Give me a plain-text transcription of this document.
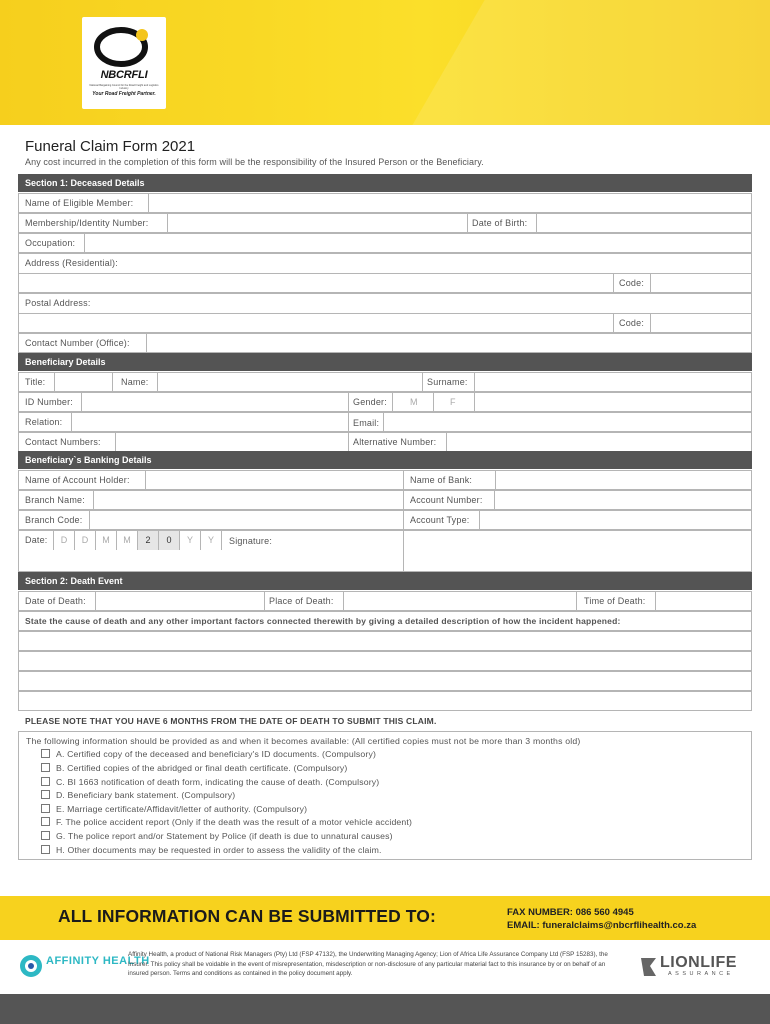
NBCRFLI
National Bargaining Council for the Road Freight and Logistics Industry
Your Road Freight Partner.
Funeral Claim Form 2021
Any cost incurred in the completion of this form will be the responsibility of the Insured Person or the Beneficiary.
Section 1: Deceased Details
Name of Eligible Member:
Membership/Identity Number:	Date of Birth:
Occupation:
Address (Residential):
Code:
Postal Address:
Code:
Contact Number (Office):
Beneficiary Details
Title:	Name:	Surname:
ID Number:	Gender:	M	F
Relation:	Email:
Contact Numbers:	Alternative Number:
Beneficiary`s Banking Details
Name of Account Holder:	Name of Bank:
Branch Name:	Account Number:
Branch Code:	Account Type:
Date:	D	D	M	M	2	0	Y	Y	Signature:
Section 2: Death Event
Date of Death:	Place of Death:	Time of Death:
State the cause of death and any other important factors connected therewith by giving a detailed description of how the incident happened:
PLEASE NOTE THAT YOU HAVE 6 MONTHS FROM THE DATE OF DEATH TO SUBMIT THIS CLAIM.
The following information should be provided as and when it becomes available: (All certified copies must not be more than 3 months old)
A. Certified copy of the deceased and beneficiary's ID documents. (Compulsory)
B. Certified copies of the abridged or final death certificate. (Compulsory)
C. BI 1663 notification of death form, indicating the cause of death. (Compulsory)
D. Beneficiary bank statement. (Compulsory)
E. Marriage certificate/Affidavit/letter of authority. (Compulsory)
F. The police accident report (Only if the death was the result of a motor vehicle accident)
G. The police report and/or Statement by Police (if death is due to unnatural causes)
H. Other documents may be requested in order to assess the validity of the claim.
ALL INFORMATION CAN BE SUBMITTED TO:	FAX NUMBER: 086 560 4945
EMAIL: funeralclaims@nbcrflihealth.co.za
AFFINITY HEALTH
Affinity Health, a product of National Risk Managers (Pty) Ltd (FSP 47132), the Underwriting Managing Agency; Lion of Africa Life Assurance Company Ltd (FSP 15283), the Insurer. This policy shall be voidable in the event of misrepresentation, misdescription or non-disclosure of any particular material fact to this insurance by or on behalf of an insured person. Terms and conditions as contained in the policy document apply.
LIONLIFE
ASSURANCE
